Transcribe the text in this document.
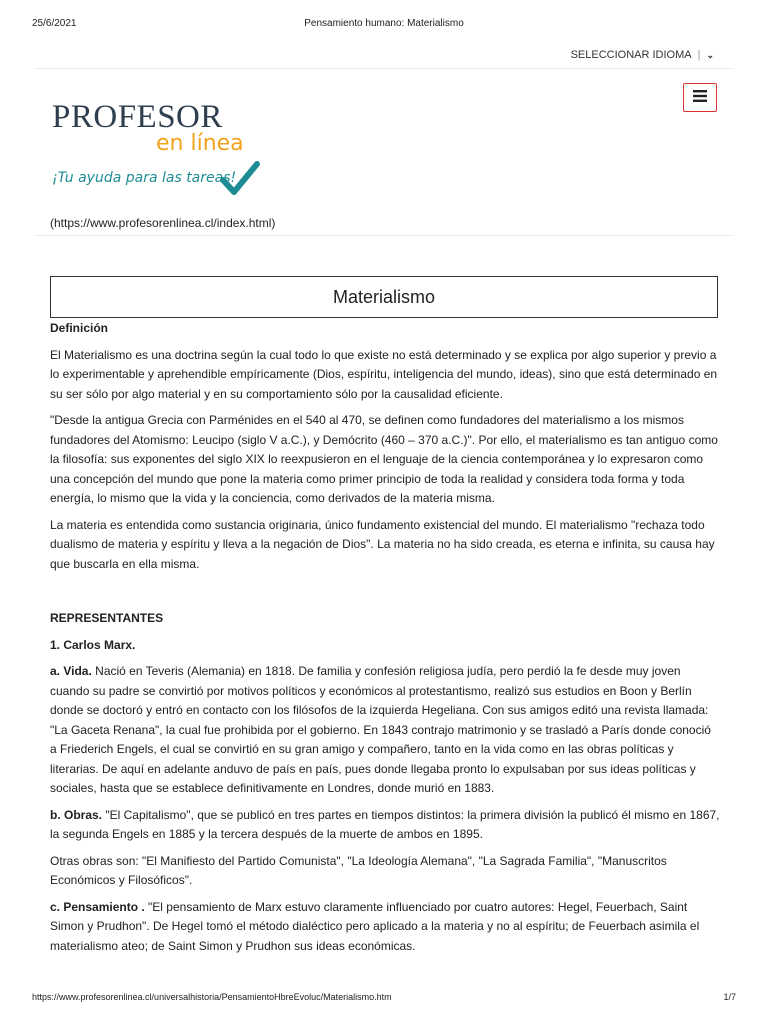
25/6/2021	Pensamiento humano: Materialismo
SELECCIONAR IDIOMA | ⌄
PROFESOR
en línea
¡Tu ayuda para las tareas!
(https://www.profesorenlinea.cl/index.html)
Materialismo
Definición

El Materialismo es una doctrina según la cual todo lo que existe no está determinado y se explica por algo superior y previo a lo experimentable y aprehendible empíricamente (Dios, espíritu, inteligencia del mundo, ideas), sino que está determinado en su ser sólo por algo material y en su comportamiento sólo por la causalidad eficiente.

"Desde la antigua Grecia con Parménides en el 540 al 470, se definen como fundadores del materialismo a los mismos fundadores del Atomismo: Leucipo (siglo V a.C.), y Demócrito (460 – 370 a.C.)". Por ello, el materialismo es tan antiguo como la filosofía: sus exponentes del siglo XIX lo reexpusieron en el lenguaje de la ciencia contemporánea y lo expresaron como una concepción del mundo que pone la materia como primer principio de toda la realidad y considera toda forma y toda energía, lo mismo que la vida y la conciencia, como derivados de la materia misma.

La materia es entendida como sustancia originaria, único fundamento existencial del mundo. El materialismo "rechaza todo dualismo de materia y espíritu y lleva a la negación de Dios". La materia no ha sido creada, es eterna e infinita, su causa hay que buscarla en ella misma.

REPRESENTANTES
1. Carlos Marx.

a. Vida. Nació en Teveris (Alemania) en 1818. De familia y confesión religiosa judía, pero perdió la fe desde muy joven cuando su padre se convirtió por motivos políticos y económicos al protestantismo, realizó sus estudios en Boon y Berlín donde se doctoró y entró en contacto con los filósofos de la izquierda Hegeliana. Con sus amigos editó una revista llamada: "La Gaceta Renana", la cual fue prohibida por el gobierno. En 1843 contrajo matrimonio y se trasladó a París donde conoció a Friederich Engels, el cual se convirtió en su gran amigo y compañero, tanto en la vida como en las obras políticas y literarias. De aquí en adelante anduvo de país en país, pues donde llegaba pronto lo expulsaban por sus ideas políticas y sociales, hasta que se establece definitivamente en Londres, donde murió en 1883.

b. Obras. "El Capitalismo", que se publicó en tres partes en tiempos distintos: la primera división la publicó él mismo en 1867, la segunda Engels en 1885 y la tercera después de la muerte de ambos en 1895.

Otras obras son: "El Manifiesto del Partido Comunista", "La Ideología Alemana", "La Sagrada Familia", "Manuscritos Económicos y Filosóficos".

c. Pensamiento . "El pensamiento de Marx estuvo claramente influenciado por cuatro autores: Hegel, Feuerbach, Saint Simon y Prudhon". De Hegel tomó el método dialéctico pero aplicado a la materia y no al espíritu; de Feuerbach asimila el materialismo ateo; de Saint Simon y Prudhon sus ideas económicas.

https://www.profesorenlinea.cl/universalhistoria/PensamientoHbreEvoluc/Materialismo.htm	1/7
